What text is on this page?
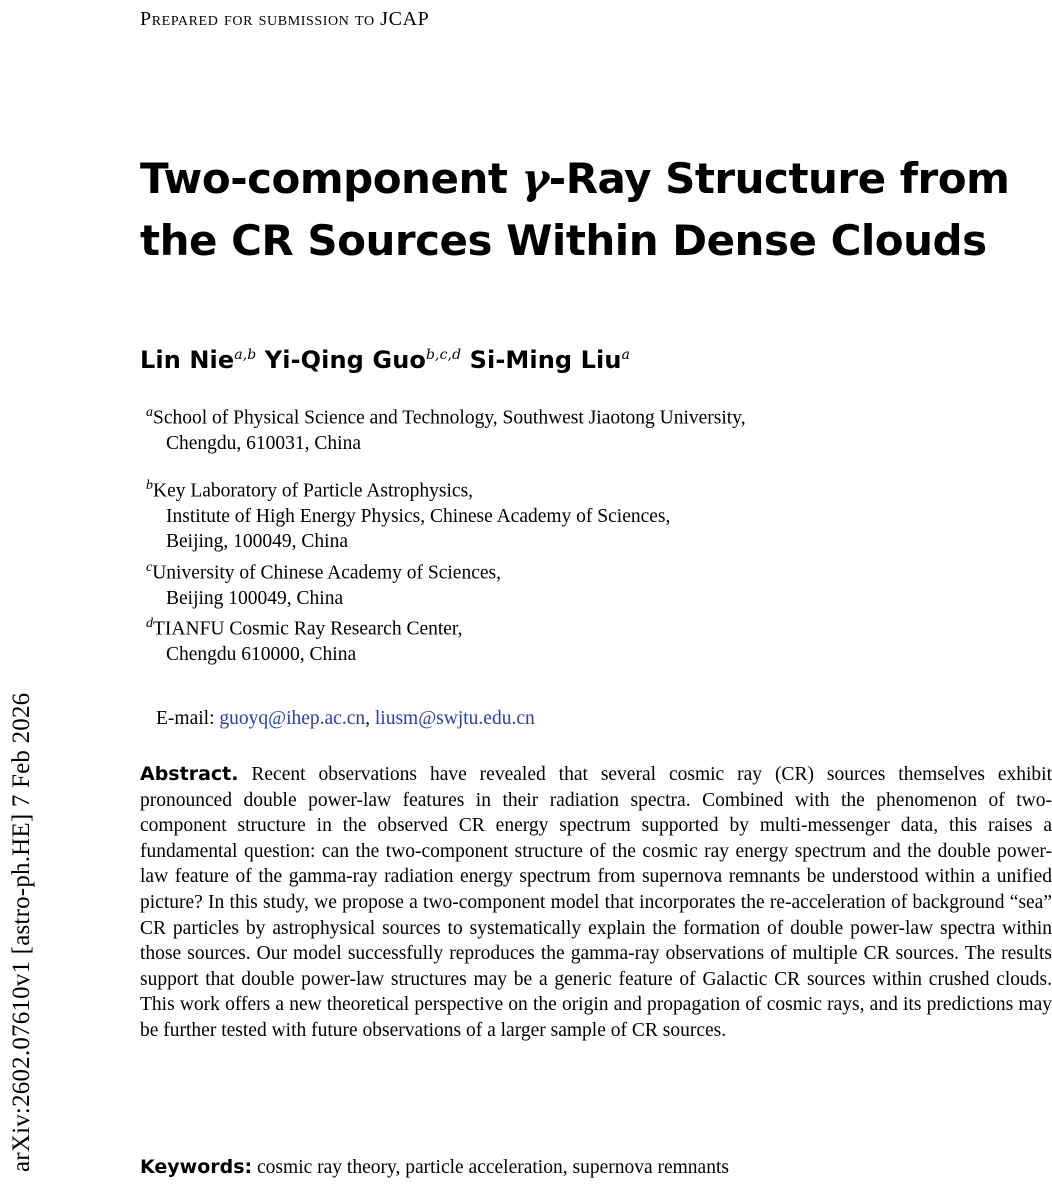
arXiv:2602.07610v1 [astro-ph.HE] 7 Feb 2026
Prepared for submission to JCAP
Two-component γ-Ray Structure from
the CR Sources Within Dense Clouds
Lin Nie$^{a,b}$ Yi-Qing Guo$^{b,c,d}$ Si-Ming Liu$^a$
$^a$School of Physical Science and Technology, Southwest Jiaotong University,
Chengdu, 610031, China
$^b$Key Laboratory of Particle Astrophysics,
Institute of High Energy Physics, Chinese Academy of Sciences,
Beijing, 100049, China
$^c$University of Chinese Academy of Sciences,
Beijing 100049, China
$^d$TIANFU Cosmic Ray Research Center,
Chengdu 610000, China
E-mail: guoyq@ihep.ac.cn, liusm@swjtu.edu.cn
Abstract. Recent observations have revealed that several cosmic ray (CR) sources themselves exhibit pronounced double power-law features in their radiation spectra. Combined with the phenomenon of two-component structure in the observed CR energy spectrum supported by multi-messenger data, this raises a fundamental question: can the two-component structure of the cosmic ray energy spectrum and the double power-law feature of the gamma-ray radiation energy spectrum from supernova remnants be understood within a unified picture? In this study, we propose a two-component model that incorporates the re-acceleration of background “sea” CR particles by astrophysical sources to systematically explain the formation of double power-law spectra within those sources. Our model successfully reproduces the gamma-ray observations of multiple CR sources. The results support that double power-law structures may be a generic feature of Galactic CR sources within crushed clouds. This work offers a new theoretical perspective on the origin and propagation of cosmic rays, and its predictions may be further tested with future observations of a larger sample of CR sources.
Keywords: cosmic ray theory, particle acceleration, supernova remnants
